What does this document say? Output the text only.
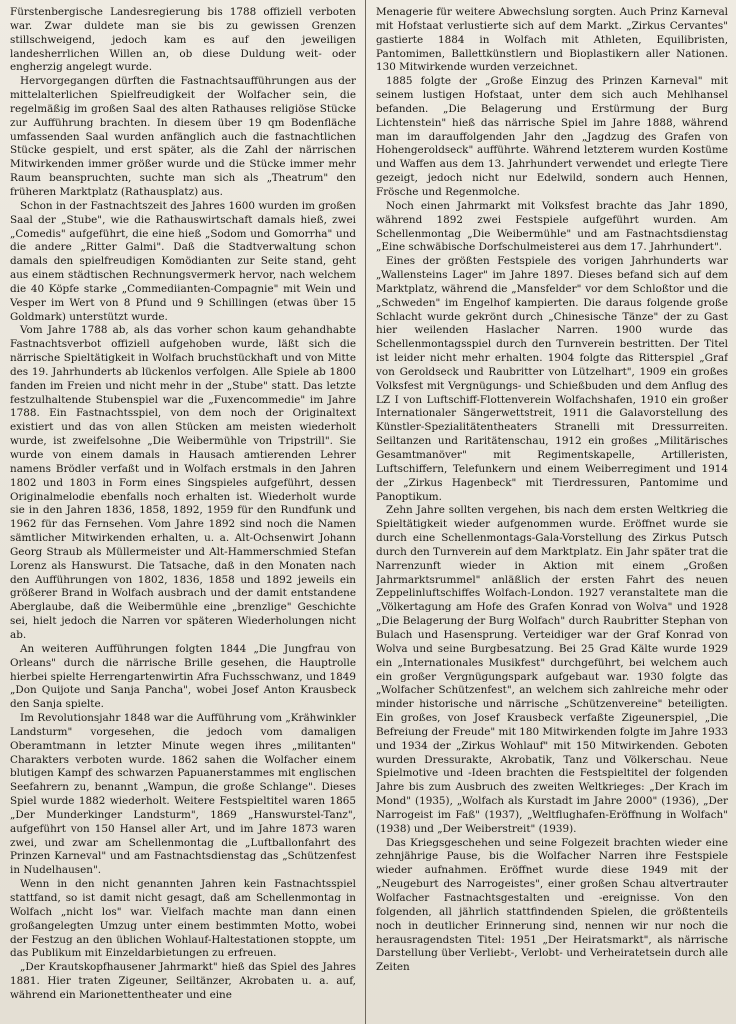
Fürstenbergische Landesregierung bis 1788 offiziell verboten war. Zwar duldete man sie bis zu gewissen Grenzen stillschweigend, jedoch kam es auf den jeweiligen landesherrlichen Willen an, ob diese Duldung weit- oder engherzig angelegt wurde.

Hervorgegangen dürften die Fastnachtsaufführungen aus der mittelalterlichen Spielfreudigkeit der Wolfacher sein, die regelmäßig im großen Saal des alten Rathauses religiöse Stücke zur Aufführung brachten. In diesem über 19 qm Bodenfläche umfassenden Saal wurden anfänglich auch die fastnachtlichen Stücke gespielt, und erst später, als die Zahl der närrischen Mitwirkenden immer größer wurde und die Stücke immer mehr Raum beanspruchten, suchte man sich als „Theatrum" den früheren Marktplatz (Rathausplatz) aus.

Schon in der Fastnachtszeit des Jahres 1600 wurden im großen Saal der „Stube", wie die Rathauswirtschaft damals hieß, zwei „Comedis" aufgeführt, die eine hieß „Sodom und Gomorrha" und die andere „Ritter Galmi". Daß die Stadtverwaltung schon damals den spielfreudigen Komödianten zur Seite stand, geht aus einem städtischen Rechnungsvermerk hervor, nach welchem die 40 Köpfe starke „Commediianten-Compagnie" mit Wein und Vesper im Wert von 8 Pfund und 9 Schillingen (etwas über 15 Goldmark) unterstützt wurde.

Vom Jahre 1788 ab, als das vorher schon kaum gehandhabte Fastnachtsverbot offiziell aufgehoben wurde, läßt sich die närrische Spieltätigkeit in Wolfach bruchstückhaft und von Mitte des 19. Jahrhunderts ab lückenlos verfolgen. Alle Spiele ab 1800 fanden im Freien und nicht mehr in der „Stube" statt. Das letzte festzulhaltende Stubenspiel war die „Fuxencommedie" im Jahre 1788. Ein Fastnachtsspiel, von dem noch der Originaltext existiert und das von allen Stücken am meisten wiederholt wurde, ist zweifelsohne „Die Weibermühle von Tripstrill". Sie wurde von einem damals in Hausach amtierenden Lehrer namens Brödler verfaßt und in Wolfach erstmals in den Jahren 1802 und 1803 in Form eines Singspieles aufgeführt, dessen Originalmelodie ebenfalls noch erhalten ist. Wiederholt wurde sie in den Jahren 1836, 1858, 1892, 1959 für den Rundfunk und 1962 für das Fernsehen. Vom Jahre 1892 sind noch die Namen sämtlicher Mitwirkenden erhalten, u. a. Alt-Ochsenwirt Johann Georg Straub als Müllermeister und Alt-Hammerschmied Stefan Lorenz als Hanswurst. Die Tatsache, daß in den Monaten nach den Aufführungen von 1802, 1836, 1858 und 1892 jeweils ein größerer Brand in Wolfach ausbrach und der damit entstandene Aberglaube, daß die Weibermühle eine „brenzlige" Geschichte sei, hielt jedoch die Narren vor späteren Wiederholungen nicht ab.

An weiteren Aufführungen folgten 1844 „Die Jungfrau von Orleans" durch die närrische Brille gesehen, die Hauptrolle hierbei spielte Herrengartenwirtin Afra Fuchsschwanz, und 1849 „Don Quijote und Sanja Pancha", wobei Josef Anton Krausbeck den Sanja spielte.

Im Revolutionsjahr 1848 war die Aufführung vom „Krähwinkler Landsturm" vorgesehen, die jedoch vom damaligen Oberamtmann in letzter Minute wegen ihres „militanten" Charakters verboten wurde. 1862 sahen die Wolfacher einem blutigen Kampf des schwarzen Papuanerstammes mit englischen Seefahrern zu, benannt „Wampun, die große Schlange". Dieses Spiel wurde 1882 wiederholt. Weitere Festspieltitel waren 1865 „Der Munderkinger Landsturm", 1869 „Hanswurstel-Tanz", aufgeführt von 150 Hansel aller Art, und im Jahre 1873 waren zwei, und zwar am Schellenmontag die „Luftballonfahrt des Prinzen Karneval" und am Fastnachtsdienstag das „Schützenfest in Nudelhausen".

Wenn in den nicht genannten Jahren kein Fastnachtsspiel stattfand, so ist damit nicht gesagt, daß am Schellenmontag in Wolfach „nicht los" war. Vielfach machte man dann einen großangelegten Umzug unter einem bestimmten Motto, wobei der Festzug an den üblichen Wohlauf-Haltestationen stoppte, um das Publikum mit Einzeldarbietungen zu erfreuen.

„Der Krautskopfhausener Jahrmarkt" hieß das Spiel des Jahres 1881. Hier traten Zigeuner, Seiltänzer, Akrobaten u. a. auf, während ein Marionettentheater und eine

Menagerie für weitere Abwechslung sorgten. Auch Prinz Karneval mit Hofstaat verlustierte sich auf dem Markt. „Zirkus Cervantes" gastierte 1884 in Wolfach mit Athleten, Equilibristen, Pantomimen, Ballettkünstlern und Bioplastikern aller Nationen. 130 Mitwirkende wurden verzeichnet.

1885 folgte der „Große Einzug des Prinzen Karneval" mit seinem lustigen Hofstaat, unter dem sich auch Mehlhansel befanden. „Die Belagerung und Erstürmung der Burg Lichtenstein" hieß das närrische Spiel im Jahre 1888, während man im darauffolgenden Jahr den „Jagdzug des Grafen von Hohengeroldseck" aufführte. Während letzterem wurden Kostüme und Waffen aus dem 13. Jahrhundert verwendet und erlegte Tiere gezeigt, jedoch nicht nur Edelwild, sondern auch Hennen, Frösche und Regenmolche.

Noch einen Jahrmarkt mit Volksfest brachte das Jahr 1890, während 1892 zwei Festspiele aufgeführt wurden. Am Schellenmontag „Die Weibermühle" und am Fastnachtsdienstag „Eine schwäbische Dorfschulmeisterei aus dem 17. Jahrhundert".

Eines der größten Festspiele des vorigen Jahrhunderts war „Wallensteins Lager" im Jahre 1897. Dieses befand sich auf dem Marktplatz, während die „Mansfelder" vor dem Schloßtor und die „Schweden" im Engelhof kampierten. Die daraus folgende große Schlacht wurde gekrönt durch „Chinesische Tänze" der zu Gast hier weilenden Haslacher Narren. 1900 wurde das Schellenmontagsspiel durch den Turnverein bestritten. Der Titel ist leider nicht mehr erhalten. 1904 folgte das Ritterspiel „Graf von Geroldseck und Raubritter von Lützelhart", 1909 ein großes Volksfest mit Vergnügungs- und Schießbuden und dem Anflug des LZ I von Luftschiff-Flottenverein Wolfachshafen, 1910 ein großer Internationaler Sängerwettstreit, 1911 die Galavorstellung des Künstler-Spezialitätentheaters Stranelli mit Dressurreiten. Seiltanzen und Raritätenschau, 1912 ein großes „Militärisches Gesamtmanöver" mit Regimentskapelle, Artilleristen, Luftschiffern, Telefunkern und einem Weiberregiment und 1914 der „Zirkus Hagenbeck" mit Tierdressuren, Pantomime und Panoptikum.

Zehn Jahre sollten vergehen, bis nach dem ersten Weltkrieg die Spieltätigkeit wieder aufgenommen wurde. Eröffnet wurde sie durch eine Schellenmontags-Gala-Vorstellung des Zirkus Putsch durch den Turnverein auf dem Marktplatz. Ein Jahr später trat die Narrenzunft wieder in Aktion mit einem „Großen Jahrmarktsrummel" anläßlich der ersten Fahrt des neuen Zeppelinluftschiffes Wolfach-London. 1927 veranstaltete man die „Völkertagung am Hofe des Grafen Konrad von Wolva" und 1928 „Die Belagerung der Burg Wolfach" durch Raubritter Stephan von Bulach und Hasensprung. Verteidiger war der Graf Konrad von Wolva und seine Burgbesatzung. Bei 25 Grad Kälte wurde 1929 ein „Internationales Musikfest" durchgeführt, bei welchem auch ein großer Vergnügungspark aufgebaut war. 1930 folgte das „Wolfacher Schützenfest", an welchem sich zahlreiche mehr oder minder historische und närrische „Schützenvereine" beteiligten. Ein großes, von Josef Krausbeck verfaßte Zigeunerspiel, „Die Befreiung der Freude" mit 180 Mitwirkenden folgte im Jahre 1933 und 1934 der „Zirkus Wohlauf" mit 150 Mitwirkenden. Geboten wurden Dressurakte, Akrobatik, Tanz und Völkerschau. Neue Spielmotive und -Ideen brachten die Festspieltitel der folgenden Jahre bis zum Ausbruch des zweiten Weltkrieges: „Der Krach im Mond" (1935), „Wolfach als Kurstadt im Jahre 2000" (1936), „Der Narrogeist im Faß" (1937), „Weltflughafen-Eröffnung in Wolfach" (1938) und „Der Weiberstreit" (1939).

Das Kriegsgeschehen und seine Folgezeit brachten wieder eine zehnjährige Pause, bis die Wolfacher Narren ihre Festspiele wieder aufnahmen. Eröffnet wurde diese 1949 mit der „Neugeburt des Narrogeistes", einer großen Schau altvertrauter Wolfacher Fastnachtsgestalten und -ereignisse. Von den folgenden, all jährlich stattfindenden Spielen, die größtenteils noch in deutlicher Erinnerung sind, nennen wir nur noch die herausragendsten Titel: 1951 „Der Heiratsmarkt", als närrische Darstellung über Verliebt-, Verlobt- und Verheiratetsein durch alle Zeiten
